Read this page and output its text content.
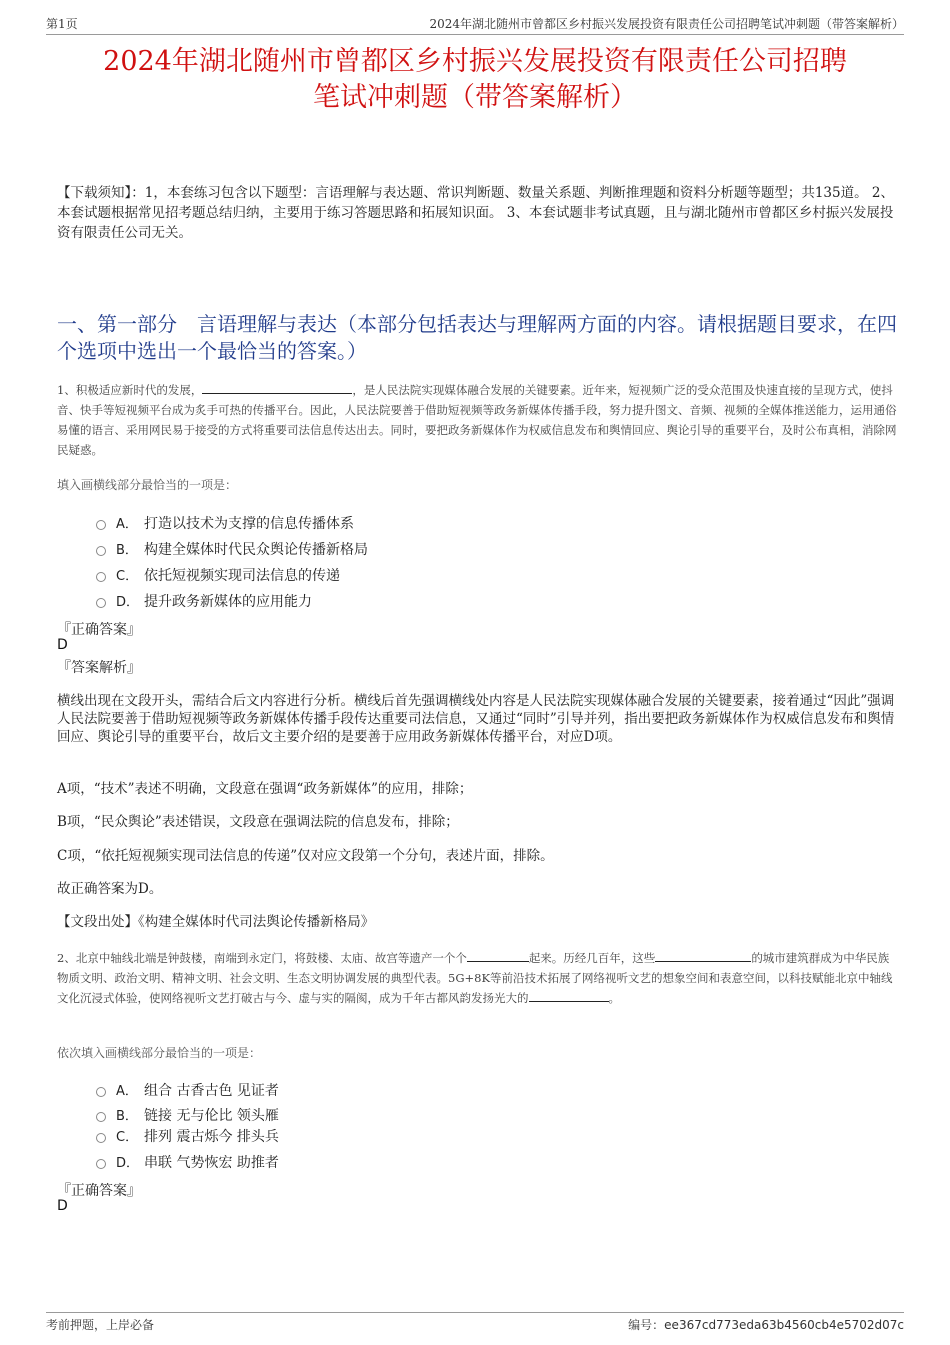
第1页	2024年湖北随州市曾都区乡村振兴发展投资有限责任公司招聘笔试冲刺题（带答案解析）
2024年湖北随州市曾都区乡村振兴发展投资有限责任公司招聘
笔试冲刺题（带答案解析）
【下载须知】：1，本套练习包含以下题型：言语理解与表达题、常识判断题、数量关系题、判断推理题和资料分析题等题型；共135道。 2、本套试题根据常见招考题总结归纳，主要用于练习答题思路和拓展知识面。 3、本套试题非考试真题，且与湖北随州市曾都区乡村振兴发展投资有限责任公司无关。
一、第一部分　言语理解与表达（本部分包括表达与理解两方面的内容。请根据题目要求，在四个选项中选出一个最恰当的答案。）
1、积极适应新时代的发展，	，是人民法院实现媒体融合发展的关键要素。近年来，短视频广泛的受众范围及快速直接的呈现方式，使抖音、快手等短视频平台成为炙手可热的传播平台。因此，人民法院要善于借助短视频等政务新媒体传播手段，努力提升图文、音频、视频的全媒体推送能力，运用通俗易懂的语言、采用网民易于接受的方式将重要司法信息传达出去。同时，要把政务新媒体作为权威信息发布和舆情回应、舆论引导的重要平台，及时公布真相，消除网民疑惑。
填入画横线部分最恰当的一项是：
A． 打造以技术为支撑的信息传播体系
B． 构建全媒体时代民众舆论传播新格局
C． 依托短视频实现司法信息的传递
D． 提升政务新媒体的应用能力
『正确答案』
D
『答案解析』
横线出现在文段开头，需结合后文内容进行分析。横线后首先强调横线处内容是人民法院实现媒体融合发展的关键要素，接着通过“因此”强调人民法院要善于借助短视频等政务新媒体传播手段传达重要司法信息，又通过“同时”引导并列，指出要把政务新媒体作为权威信息发布和舆情回应、舆论引导的重要平台，故后文主要介绍的是要善于应用政务新媒体传播平台，对应D项。
A项，“技术”表述不明确，文段意在强调“政务新媒体”的应用，排除；
B项，“民众舆论”表述错误，文段意在强调法院的信息发布，排除；
C项，“依托短视频实现司法信息的传递”仅对应文段第一个分句，表述片面，排除。
故正确答案为D。
【文段出处】《构建全媒体时代司法舆论传播新格局》
2、北京中轴线北端是钟鼓楼，南端到永定门，将鼓楼、太庙、故宫等遗产一个个	起来。历经几百年，这些	的城市建筑群成为中华民族物质文明、政治文明、精神文明、社会文明、生态文明协调发展的典型代表。5G+8K等前沿技术拓展了网络视听文艺的想象空间和表意空间，以科技赋能北京中轴线文化沉浸式体验，使网络视听文艺打破古与今、虚与实的隔阂，成为千年古都风韵发扬光大的	。
依次填入画横线部分最恰当的一项是：
A． 组合 古香古色 见证者
B． 链接 无与伦比 领头雁
C． 排列 震古烁今 排头兵
D． 串联 气势恢宏 助推者
『正确答案』
D
考前押题，上岸必备	编号：ee367cd773eda63b4560cb4e5702d07c
